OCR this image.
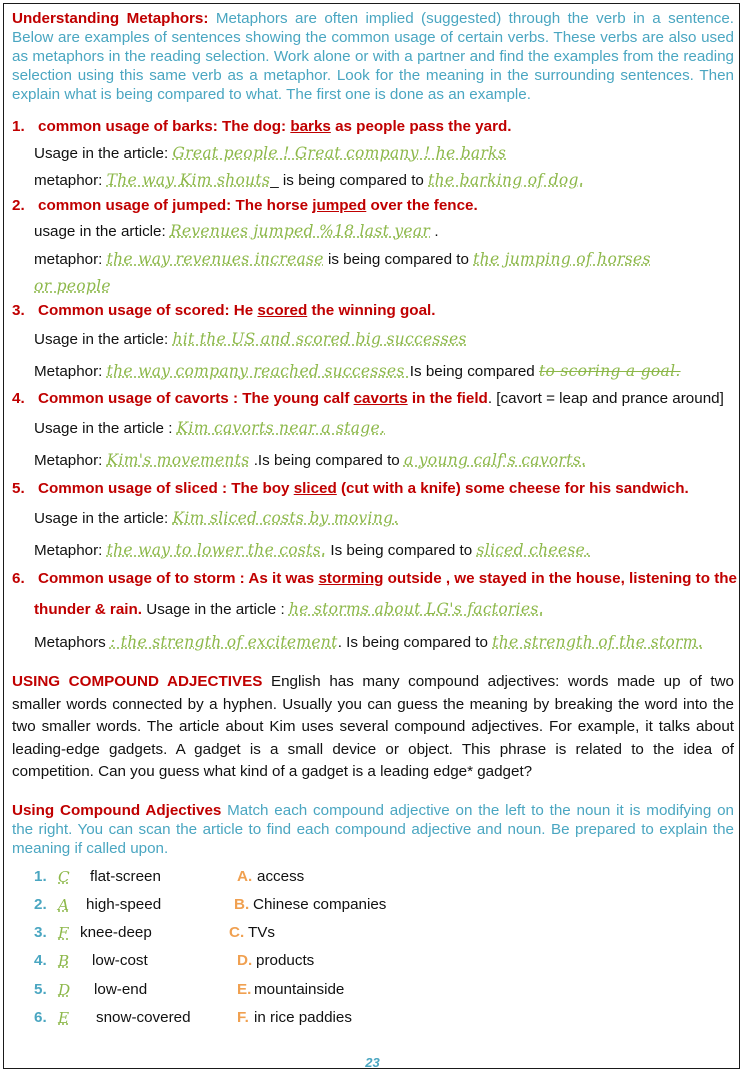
Understanding Metaphors: Metaphors are often implied (suggested) through the verb in a sentence. Below are examples of sentences showing the common usage of certain verbs. These verbs are also used as metaphors in the reading selection. Work alone or with a partner and find the examples from the reading selection using this same verb as a metaphor. Look for the meaning in the surrounding sentences. Then explain what is being compared to what. The first one is done as an example.
1. common usage of barks: The dog: barks as people pass the yard.
Usage in the article: Great people ! Great company ! he barks
metaphor: The way Kim shouts_ is being compared to the barking of dog.
2. common usage of jumped: The horse jumped over the fence.
usage in the article: Revenues jumped %18 last year .
metaphor: the way revenues increase is being compared to the jumping of horses
or people
3. Common usage of scored: He scored the winning goal.
Usage in the article: hit the US and scored big successes
Metaphor: the way company reached successes Is being compared to scoring a goal.
4. Common usage of cavorts : The young calf cavorts in the field. [cavort = leap and prance around]
Usage in the article : Kim cavorts near a stage.
Metaphor: Kim's movements .Is being compared to a young calf's cavorts.
5. Common usage of sliced : The boy sliced (cut with a knife) some cheese for his sandwich.
Usage in the article: Kim sliced costs by moving.
Metaphor: the way to lower the costs. Is being compared to sliced cheese.
6. Common usage of to storm : As it was storming outside , we stayed in the house, listening to the
thunder & rain. Usage in the article : he storms about LG's factories.
Metaphors : the strength of excitement. Is being compared to the strength of the storm.
USING COMPOUND ADJECTIVES English has many compound adjectives: words made up of two smaller words connected by a hyphen. Usually you can guess the meaning by breaking the word into the two smaller words. The article about Kim uses several compound adjectives. For example, it talks about leading-edge gadgets. A gadget is a small device or object. This phrase is related to the idea of competition. Can you guess what kind of a gadget is a leading edge* gadget?
Using Compound Adjectives Match each compound adjective on the left to the noun it is modifying on the right. You can scan the article to find each compound adjective and noun. Be prepared to explain the meaning if called upon.
1. C flat-screen	A. access
2. A high-speed	B. Chinese companies
3. F knee-deep	C. TVs
4. B low-cost	D. products
5. D low-end	E. mountainside
6. E snow-covered	F. in rice paddies
23
